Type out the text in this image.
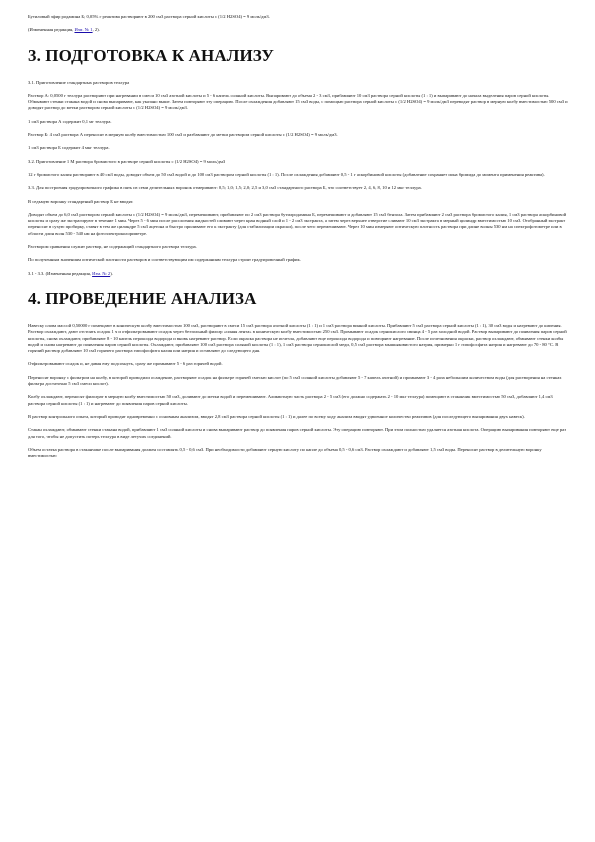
Бутиловый эфир родамина Б; 0,05% г реактива растворяют в 200 см3 раствора серной кислоты с (1/2 H2SO4) = 9 моль/дм3.

(Измененная редакция, Изм. № 1, 2).

3. ПОДГОТОВКА К АНАЛИЗУ

3.1. Приготовление стандартных растворов теллура

Раствор А: 0,0500 г теллура растворяют при нагревании в смеси 10 см3 азотной кислоты и 5 - 6 капель соляной кислоты. Выпаривают до объема 2 - 3 см3, прибавляют 10 см3 раствора серной кислоты (1 : 1) и выпаривают до начала выделения паров серной кислоты. Обмывают стенки стакана водой и снова выпаривают, как указано выше. Затем повторяют эту операцию. После охлаждения добавляют 15 см3 воды, с помощью раствора серной кислоты с (1/2 H2SO4) = 9 моль/дм3 переводят раствор в мерную колбу вместимостью 500 см3 и доводят раствор до метки раствором серной кислоты с (1/2 H2SO4) = 9 моль/дм3.

1 см3 раствора А содержит 0,1 мг теллура.

Раствор Б: 4 см3 раствора А переносят в мерную колбу вместимостью 100 см3 и разбавляют до метки раствором серной кислоты с (1/2 H2SO4) = 9 моль/дм3.

1 см3 раствора Б содержит 4 мкг теллура.

3.2. Приготовление 1 М раствора бромистого в растворе серной кислоты с (1/2 H2SO4) = 9 моль/дм3

12 г бромистого калия растворяют в 40 см3 воды, доводят объем до 50 см3 водой и до 100 см3 раствором серной кислоты (1 : 1). После охлаждения добавляют 0,5 - 1 г аскорбиновой кислоты (добавление сохраняет иона бромида до момента применения реактива).

3.3. Для построения градуировочного графика в пять из семи делительных воронок отмеривают: 0,5; 1,0; 1,5; 2,0; 2,5 и 3,0 см3 стандартного раствора Б, что соответствует 2, 4, 6, 8, 10 и 12 мкг теллура.

В седьмую воронку стандартный раствор Б не вводят.

Доводят объем до 6,0 см3 раствором серной кислоты с (1/2 H2SO4) = 9 моль/дм3, перемешивают, прибавляют по 2 см3 раствора бутилродамина Б, перемешивают и добавляют 15 см3 бензола. Затем прибавляют 2 см3 раствора бромистого калия, 1 см3 раствора аскорбиновой кислоты и сразу же экстрагируют в течение 1 мин. Через 5 - 6 мин после расслоения жидкостей сливают через кран водный слой и 1 - 2 см3 экстракта, а затем через верхнее отверстие сливают 10 см3 экстракта в мерный цилиндр вместимостью 10 см3. Отобранный экстракт переносят в сухую пробирку, ставят в тем же цилиндре 5 см3 ацетона и быстро приливают его к экстракту (для стабилизации окраски), после чего перемешивают. Через 10 мин измеряют оптическую плотность раствора при длине волны 530 нм на спектрофотометре или в области длин волн 530 - 540 нм на фотоэлектроколориметре.

Раствором сравнения служит раствор, не содержащий стандартного раствора теллура.

По полученным значениям оптической плотности растворов и соответствующим им содержаниям теллура строят градуировочный график.

3.1 - 3.3. (Измененная редакция, Изм. № 2).

4. ПРОВЕДЕНИЕ АНАЛИЗА

Навеску олова массой 0,50000 г помещают в коническую колбу вместимостью 100 см3, растворяют в смеси 15 см3 раствора азотной кислоты (1 : 1) и 1 см3 раствора винной кислоты. Прибавляют 5 см3 раствора серной кислоты (1 : 1), 30 см3 воды и нагревают до кипения. Раствор охлаждают, дают отстоять осадок 1 ч и отфильтровывают осадок через беззольный фильтр «синяя лента» в коническую колбу вместимостью 250 см3. Промывают осадок сернокислого свинца 4 - 5 раз холодной водой. Раствор выпаривают до появления паров серной кислоты, снова охлаждают, прибавляют 8 - 10 капель пероксида водорода и вновь нагревают раствор. Если окраска раствора не исчезла, добавляют еще пероксида водорода и повторяют нагревание. После исчезновения окраски, раствор охлаждают, обмывают стенки колбы водой и снова нагревают до появления паров серной кислоты. Охлаждают, прибавляют 100 см3 раствора соляной кислоты (1 : 1), 1 см3 раствора сернокислой меди, 0,5 см3 раствора мышьяковистого натрия, примерно 1 г гипофосфита натрия и нагревают до 70 - 80 °С. В горячий раствор добавляют 10 см3 горячего раствора гипофосфита калия или натрия и оставляют до следующего дня.

Отфильтровывают осадок и, не давая ему подсохнуть, сразу же промывают 5 - 6 раз горячей водой.

Переносят воронку с фильтром на колбу, в которой проводили осаждение, растворяют осадок на фильтре горячей смесью кислот (по 5 см3 соляной кислоты добавляют 5 - 7 капель азотной) и промывают 3 - 4 раза небольшим количеством воды (для растворения на стенках фильтра достаточно 5 см3 смеси кислот).

Колбу охлаждают, переносят фильтрат в мерную колбу вместимостью 50 см3, доливают до метки водой и перемешивают. Аликвотную часть раствора 2 - 5 см3 (его должно содержать 2 - 10 мкг теллура) помещают в стаканчик вместимостью 50 см3, добавляют 1,4 см3 раствора серной кислоты (1 : 1) и нагревают до появления паров серной кислоты.

В раствор контрольного опыта, который проводят одновременно с основным анализом, вводят 2,8 см3 раствора серной кислоты (1 : 1) и далее по всему ходу анализа вводят удвоенное количество реактивов (для последующего выпаривания двух навеск).

Стакан охлаждают, обмывают стенки стакана водой, прибавляют 1 см3 соляной кислоты и снова выпаривают раствор до появления паров серной кислоты. Эту операцию повторяют. При этом полностью удаляется азотная кислота. Операцию выпаривания повторяют еще раз для того, чтобы не допустить потерь теллура в виде летучих соединений.

Объем остатка раствора в стаканчике после выпаривания должен составлять 0,5 - 0,6 см3. При необходимости добавляют серную кислоту по капле до объема 0,5 - 0,6 см3. Раствор охлаждают и добавляют 1,5 см3 воды. Переносят раствор в делительную воронку вместимостью
